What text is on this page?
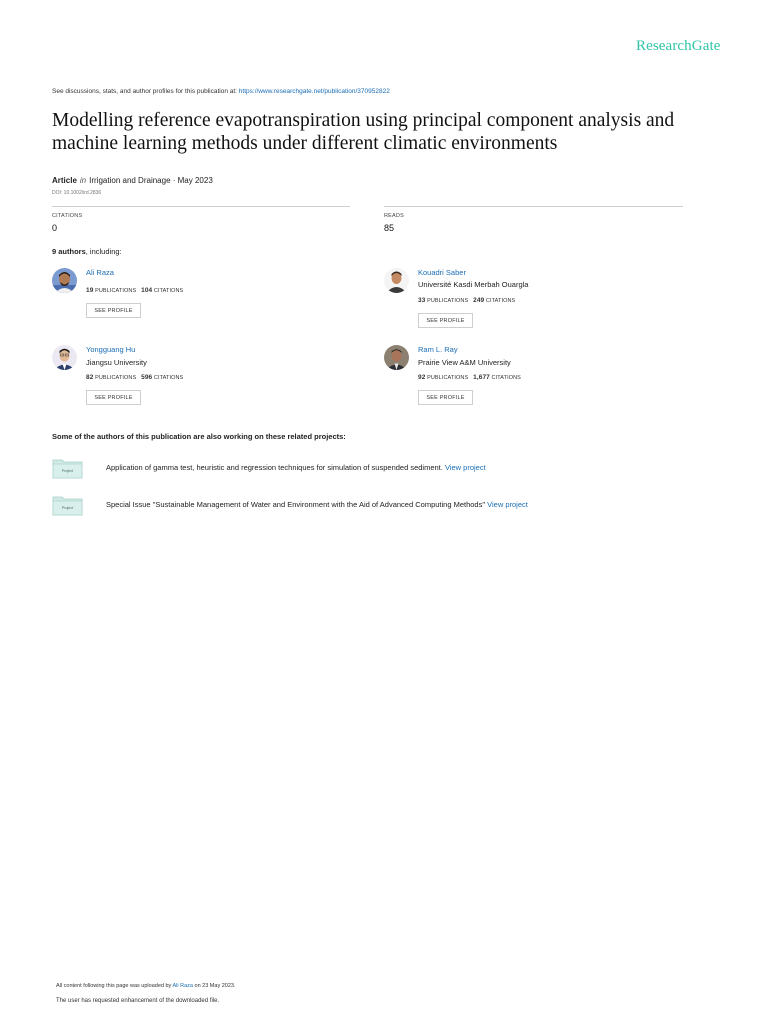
ResearchGate
See discussions, stats, and author profiles for this publication at: https://www.researchgate.net/publication/370952822
Modelling reference evapotranspiration using principal component analysis and machine learning methods under different climatic environments
Article in Irrigation and Drainage · May 2023
DOI: 10.1002/ird.2836
CITATIONS
0
READS
85
9 authors, including:
Ali Raza
19 PUBLICATIONS 104 CITATIONS
SEE PROFILE
Kouadri Saber
Université Kasdi Merbah Ouargla
33 PUBLICATIONS 249 CITATIONS
SEE PROFILE
Yongguang Hu
Jiangsu University
82 PUBLICATIONS 596 CITATIONS
SEE PROFILE
Ram L. Ray
Prairie View A&M University
92 PUBLICATIONS 1,677 CITATIONS
SEE PROFILE
Some of the authors of this publication are also working on these related projects:
Project	Application of gamma test, heuristic and regression techniques for simulation of suspended sediment. View project
Project	Special Issue "Sustainable Management of Water and Environment with the Aid of Advanced Computing Methods" View project
All content following this page was uploaded by Ali Raza on 23 May 2023.
The user has requested enhancement of the downloaded file.
